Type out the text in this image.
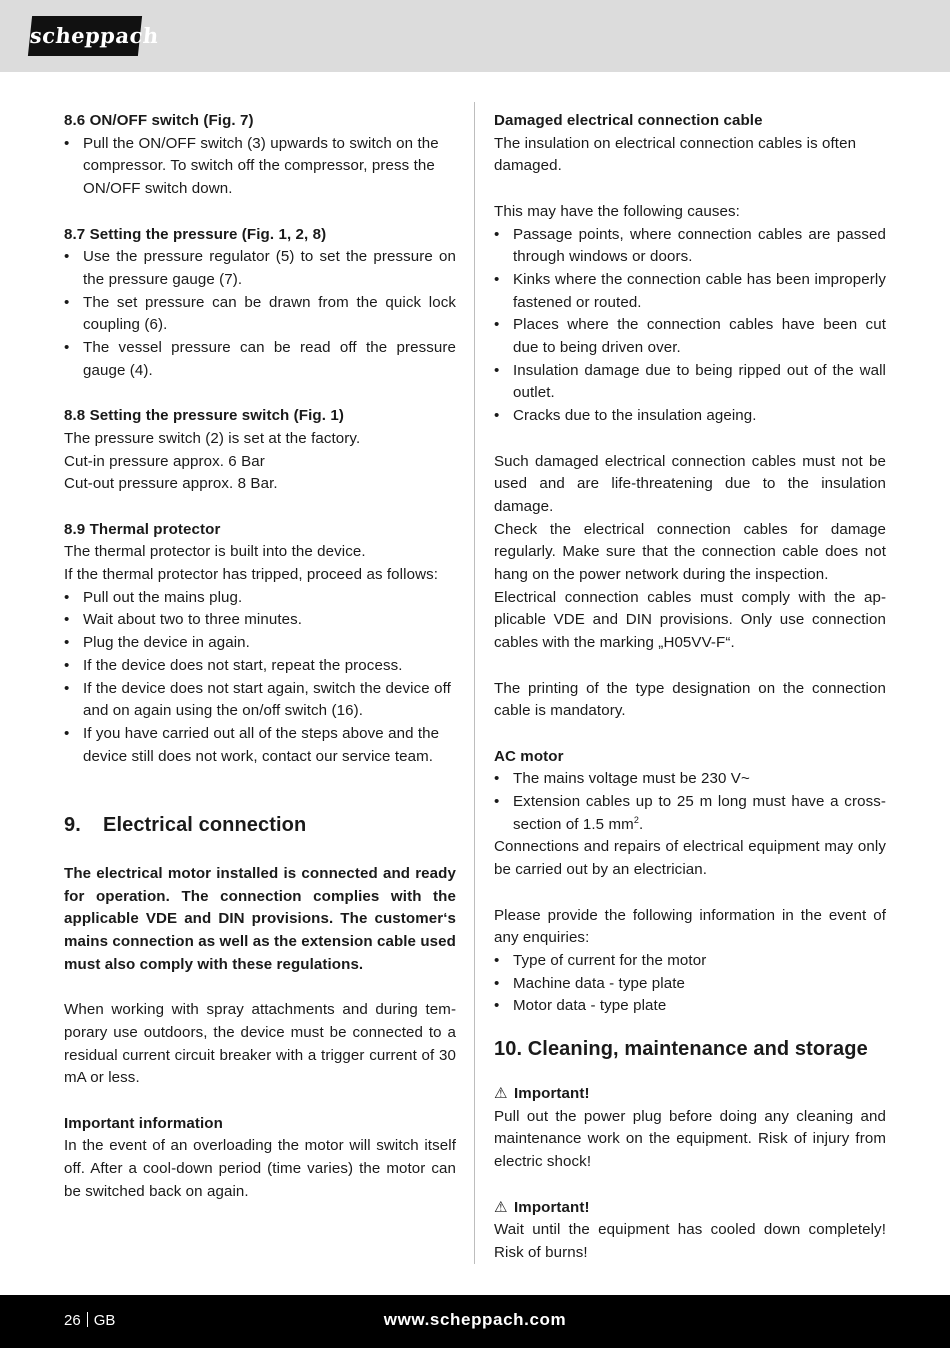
scheppach

8.6 ON/OFF switch (Fig. 7)

• Pull the ON/OFF switch (3) upwards to switch on the compressor. To switch off the compressor, press the ON/OFF switch down.

8.7 Setting the pressure (Fig. 1, 2, 8)

• Use the pressure regulator (5) to set the pressure on the pressure gauge (7).
• The set pressure can be drawn from the quick lock coupling (6).
• The vessel pressure can be read off the pressure gauge (4).

8.8 Setting the pressure switch (Fig. 1)

The pressure switch (2) is set at the factory.

Cut-in pressure approx. 6 Bar

Cut-out pressure approx. 8 Bar.

8.9 Thermal protector

The thermal protector is built into the device.

If the thermal protector has tripped, proceed as follows:

• Pull out the mains plug.
• Wait about two to three minutes.
• Plug the device in again.
• If the device does not start, repeat the process.
• If the device does not start again, switch the device off and on again using the on/off switch (16).
• If you have carried out all of the steps above and the device still does not work, contact our service team.

9. Electrical connection

The electrical motor installed is connected and ready for operation. The connection complies with the applicable VDE and DIN provisions. The customer‘s mains connection as well as the extension cable used must also comply with these regulations.

When working with spray attachments and during temporary use outdoors, the device must be connected to a residual current circuit breaker with a trigger current of 30 mA or less.

Important information

In the event of an overloading the motor will switch itself off. After a cool-down period (time varies) the motor can be switched back on again.

Damaged electrical connection cable

The insulation on electrical connection cables is often damaged.

This may have the following causes:

• Passage points, where connection cables are passed through windows or doors.
• Kinks where the connection cable has been improperly fastened or routed.
• Places where the connection cables have been cut due to being driven over.
• Insulation damage due to being ripped out of the wall outlet.
• Cracks due to the insulation ageing.

Such damaged electrical connection cables must not be used and are life-threatening due to the insulation damage.

Check the electrical connection cables for damage regularly. Make sure that the connection cable does not hang on the power network during the inspection.

Electrical connection cables must comply with the applicable VDE and DIN provisions. Only use connection cables with the marking „H05VV-F“.

The printing of the type designation on the connection cable is mandatory.

AC motor

• The mains voltage must be 230 V~
• Extension cables up to 25 m long must have a cross-section of 1.5 $mm^2$.

Connections and repairs of electrical equipment may only be carried out by an electrician.

Please provide the following information in the event of any enquiries:

• Type of current for the motor
• Machine data - type plate
• Motor data - type plate

10. Cleaning, maintenance and storage

⚠ Important!

Pull out the power plug before doing any cleaning and maintenance work on the equipment. Risk of injury from electric shock!

⚠ Important!

Wait until the equipment has cooled down completely! Risk of burns!

26 GB	www.scheppach.com
